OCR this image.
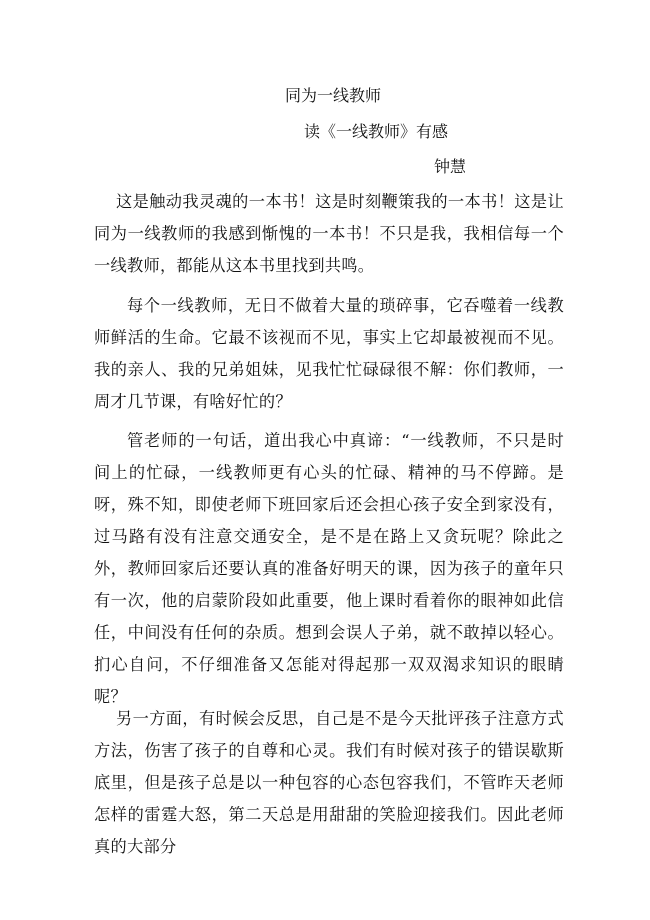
同为一线教师
读《一线教师》有感
钟慧

这是触动我灵魂的一本书！这是时刻鞭策我的一本书！这是让同为一线教师的我感到惭愧的一本书！不只是我，我相信每一个一线教师，都能从这本书里找到共鸣。

每个一线教师，无日不做着大量的琐碎事，它吞噬着一线教师鲜活的生命。它最不该视而不见，事实上它却最被视而不见。我的亲人、我的兄弟姐妹，见我忙忙碌碌很不解：你们教师，一周才几节课，有啥好忙的？

管老师的一句话，道出我心中真谛：“一线教师，不只是时间上的忙碌，一线教师更有心头的忙碌、精神的马不停蹄。是呀，殊不知，即使老师下班回家后还会担心孩子安全到家没有，过马路有没有注意交通安全，是不是在路上又贪玩呢？除此之外，教师回家后还要认真的准备好明天的课，因为孩子的童年只有一次，他的启蒙阶段如此重要，他上课时看着你的眼神如此信任，中间没有任何的杂质。想到会误人子弟，就不敢掉以轻心。扪心自问，不仔细准备又怎能对得起那一双双渴求知识的眼睛呢？

另一方面，有时候会反思，自己是不是今天批评孩子注意方式方法，伤害了孩子的自尊和心灵。我们有时候对孩子的错误歇斯底里，但是孩子总是以一种包容的心态包容我们，不管昨天老师怎样的雷霆大怒，第二天总是用甜甜的笑脸迎接我们。因此老师真的大部分
